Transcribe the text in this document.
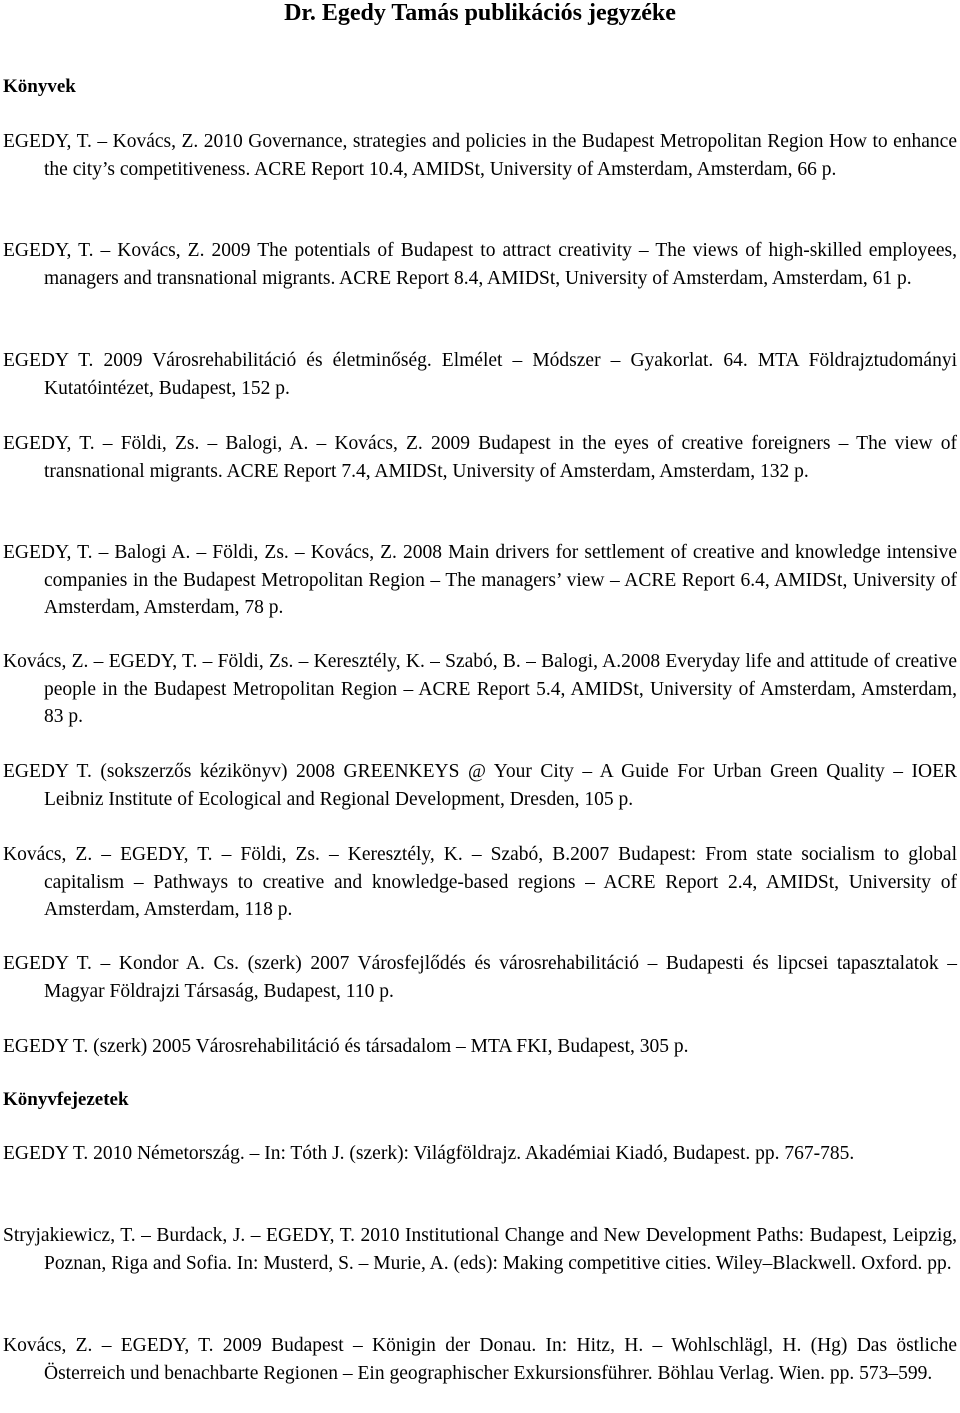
Dr. Egedy Tamás publikációs jegyzéke
Könyvek

EGEDY, T. – Kovács, Z. 2010 Governance, strategies and policies in the Budapest Metropolitan Region How to enhance the city’s competitiveness. ACRE Report 10.4, AMIDSt, University of Amsterdam, Amsterdam, 66 p.

EGEDY, T. – Kovács, Z. 2009 The potentials of Budapest to attract creativity – The views of high-skilled employees, managers and transnational migrants. ACRE Report 8.4, AMIDSt, University of Amsterdam, Amsterdam, 61 p.

EGEDY T. 2009 Városrehabilitáció és életminőség. Elmélet – Módszer – Gyakorlat. 64. MTA Földrajztudományi Kutatóintézet, Budapest, 152 p.

EGEDY, T. – Földi, Zs. – Balogi, A. – Kovács, Z. 2009 Budapest in the eyes of creative foreigners – The view of transnational migrants. ACRE Report 7.4, AMIDSt, University of Amsterdam, Amsterdam, 132 p.

EGEDY, T. – Balogi A. – Földi, Zs. – Kovács, Z. 2008 Main drivers for settlement of creative and knowledge intensive companies in the Budapest Metropolitan Region – The managers’ view – ACRE Report 6.4, AMIDSt, University of Amsterdam, Amsterdam, 78 p.

Kovács, Z. – EGEDY, T. – Földi, Zs. – Keresztély, K. – Szabó, B. – Balogi, A.2008 Everyday life and attitude of creative people in the Budapest Metropolitan Region – ACRE Report 5.4, AMIDSt, University of Amsterdam, Amsterdam, 83 p.

EGEDY T. (sokszerzős kézikönyv) 2008 GREENKEYS @ Your City – A Guide For Urban Green Quality – IOER Leibniz Institute of Ecological and Regional Development, Dresden, 105 p.

Kovács, Z. – EGEDY, T. – Földi, Zs. – Keresztély, K. – Szabó, B.2007 Budapest: From state socialism to global capitalism – Pathways to creative and knowledge-based regions – ACRE Report 2.4, AMIDSt, University of Amsterdam, Amsterdam, 118 p.

EGEDY T. – Kondor A. Cs. (szerk) 2007 Városfejlődés és városrehabilitáció – Budapesti és lipcsei tapasztalatok – Magyar Földrajzi Társaság, Budapest, 110 p.

EGEDY T. (szerk) 2005 Városrehabilitáció és társadalom – MTA FKI, Budapest, 305 p.

Könyvfejezetek

EGEDY T. 2010 Németország. – In: Tóth J. (szerk): Világföldrajz. Akadémiai Kiadó, Budapest. pp. 767-785.

Stryjakiewicz, T. – Burdack, J. – EGEDY, T. 2010 Institutional Change and New Development Paths: Budapest, Leipzig, Poznan, Riga and Sofia. In: Musterd, S. – Murie, A. (eds): Making competitive cities. Wiley–Blackwell. Oxford. pp.

Kovács, Z. – EGEDY, T. 2009 Budapest – Königin der Donau. In: Hitz, H. – Wohlschlägl, H. (Hg) Das östliche Österreich und benachbarte Regionen – Ein geographischer Exkursionsführer. Böhlau Verlag. Wien. pp. 573–599.
